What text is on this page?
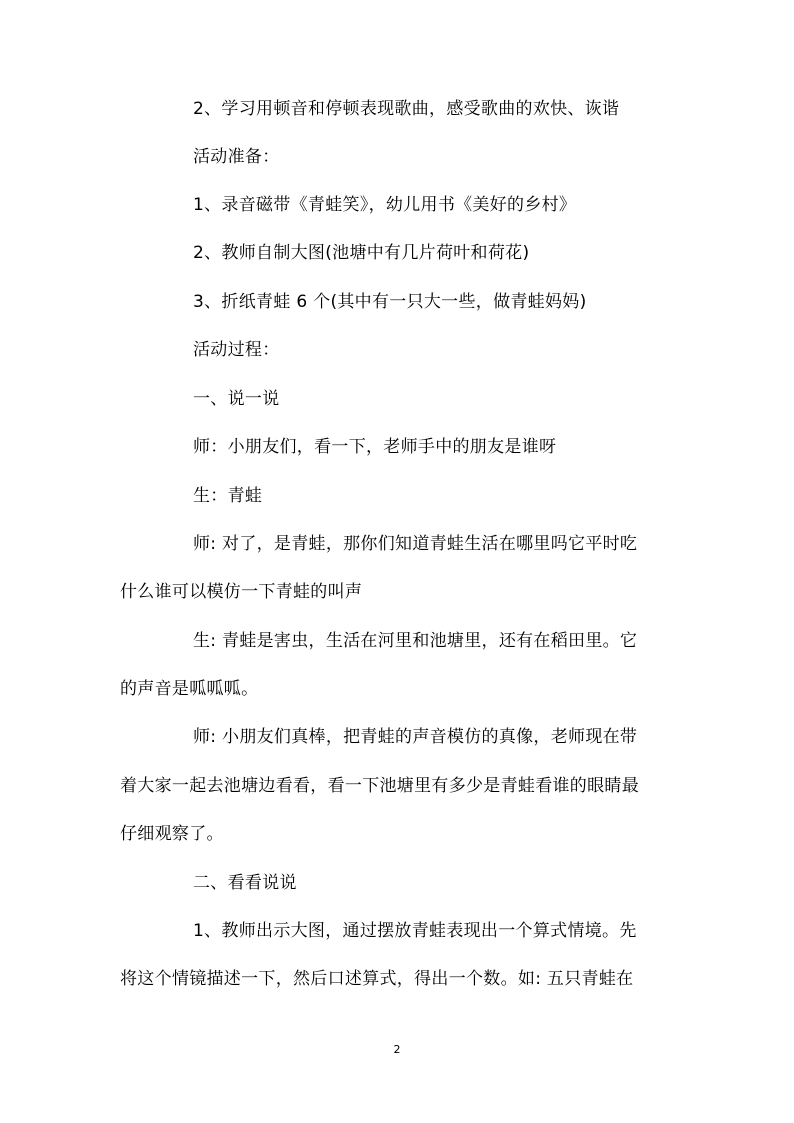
2、学习用顿音和停顿表现歌曲，感受歌曲的欢快、诙谐
活动准备：
1、录音磁带《青蛙笑》，幼儿用书《美好的乡村》
2、教师自制大图(池塘中有几片荷叶和荷花)
3、折纸青蛙 6 个(其中有一只大一些，做青蛙妈妈)
活动过程：
一、说一说
师：小朋友们，看一下，老师手中的朋友是谁呀
生：青蛙
师: 对了，是青蛙，那你们知道青蛙生活在哪里吗它平时吃
什么谁可以模仿一下青蛙的叫声
生: 青蛙是害虫，生活在河里和池塘里，还有在稻田里。它
的声音是呱呱呱。
师: 小朋友们真棒，把青蛙的声音模仿的真像，老师现在带
着大家一起去池塘边看看，看一下池塘里有多少是青蛙看谁的眼睛最
仔细观察了。
二、看看说说
1、教师出示大图，通过摆放青蛙表现出一个算式情境。先
将这个情镜描述一下，然后口述算式，得出一个数。如: 五只青蛙在
2
